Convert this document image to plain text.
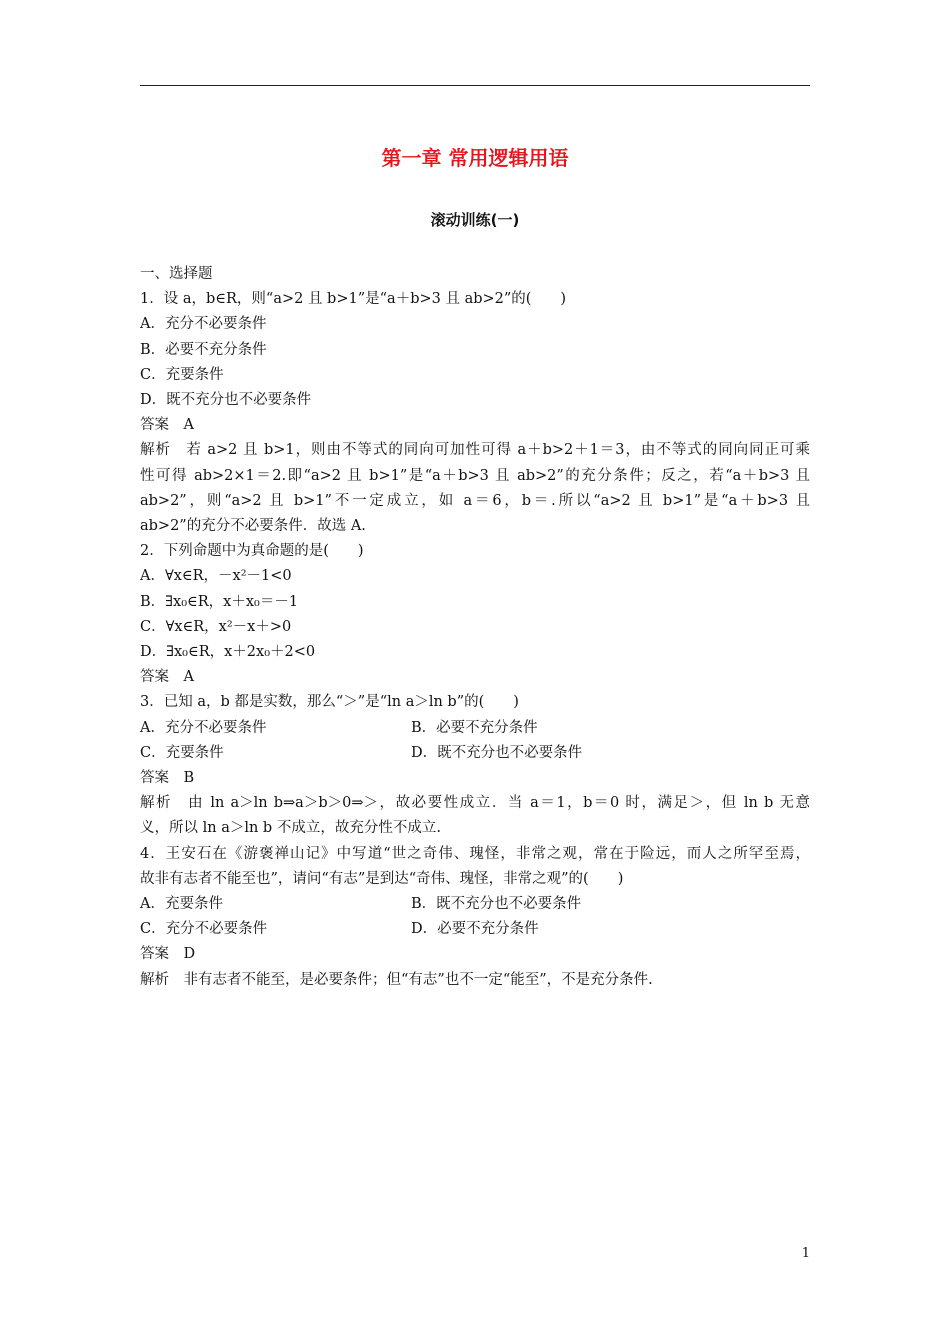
第一章 常用逻辑用语
滚动训练(一)
一、选择题
1．设 a，b∈R，则“a>2 且 b>1”是“a＋b>3 且 ab>2”的(　　)
A．充分不必要条件
B．必要不充分条件
C．充要条件
D．既不充分也不必要条件
答案　A
解析　若 a>2 且 b>1，则由不等式的同向可加性可得 a＋b>2＋1＝3，由不等式的同向同正可乘
性可得 ab>2×1＝2.即“a>2 且 b>1”是“a＋b>3 且 ab>2”的充分条件；反之，若“a＋b>3 且
ab>2”，则“a>2 且 b>1”不一定成立，如 a＝6，b＝.所以“a>2 且 b>1”是“a＋b>3 且
ab>2”的充分不必要条件．故选 A.
2．下列命题中为真命题的是(　　)
A．∀x∈R，－x²－1<0
B．∃x₀∈R，x＋x₀＝－1
C．∀x∈R，x²－x＋>0
D．∃x₀∈R，x＋2x₀＋2<0
答案　A
3．已知 a，b 都是实数，那么“＞”是“ln a＞ln b”的(　　)
A．充分不必要条件	B．必要不充分条件
C．充要条件	D．既不充分也不必要条件
答案　B
解析　由 ln a＞ln b⇒a＞b＞0⇒＞，故必要性成立．当 a＝1，b＝0 时，满足＞，但 ln b 无意
义，所以 ln a＞ln b 不成立，故充分性不成立.
4．王安石在《游褒禅山记》中写道“世之奇伟、瑰怪，非常之观，常在于险远，而人之所罕至焉，
故非有志者不能至也”，请问“有志”是到达“奇伟、瑰怪，非常之观”的(　　)
A．充要条件	B．既不充分也不必要条件
C．充分不必要条件	D．必要不充分条件
答案　D
解析　非有志者不能至，是必要条件；但“有志”也不一定“能至”，不是充分条件.
1
